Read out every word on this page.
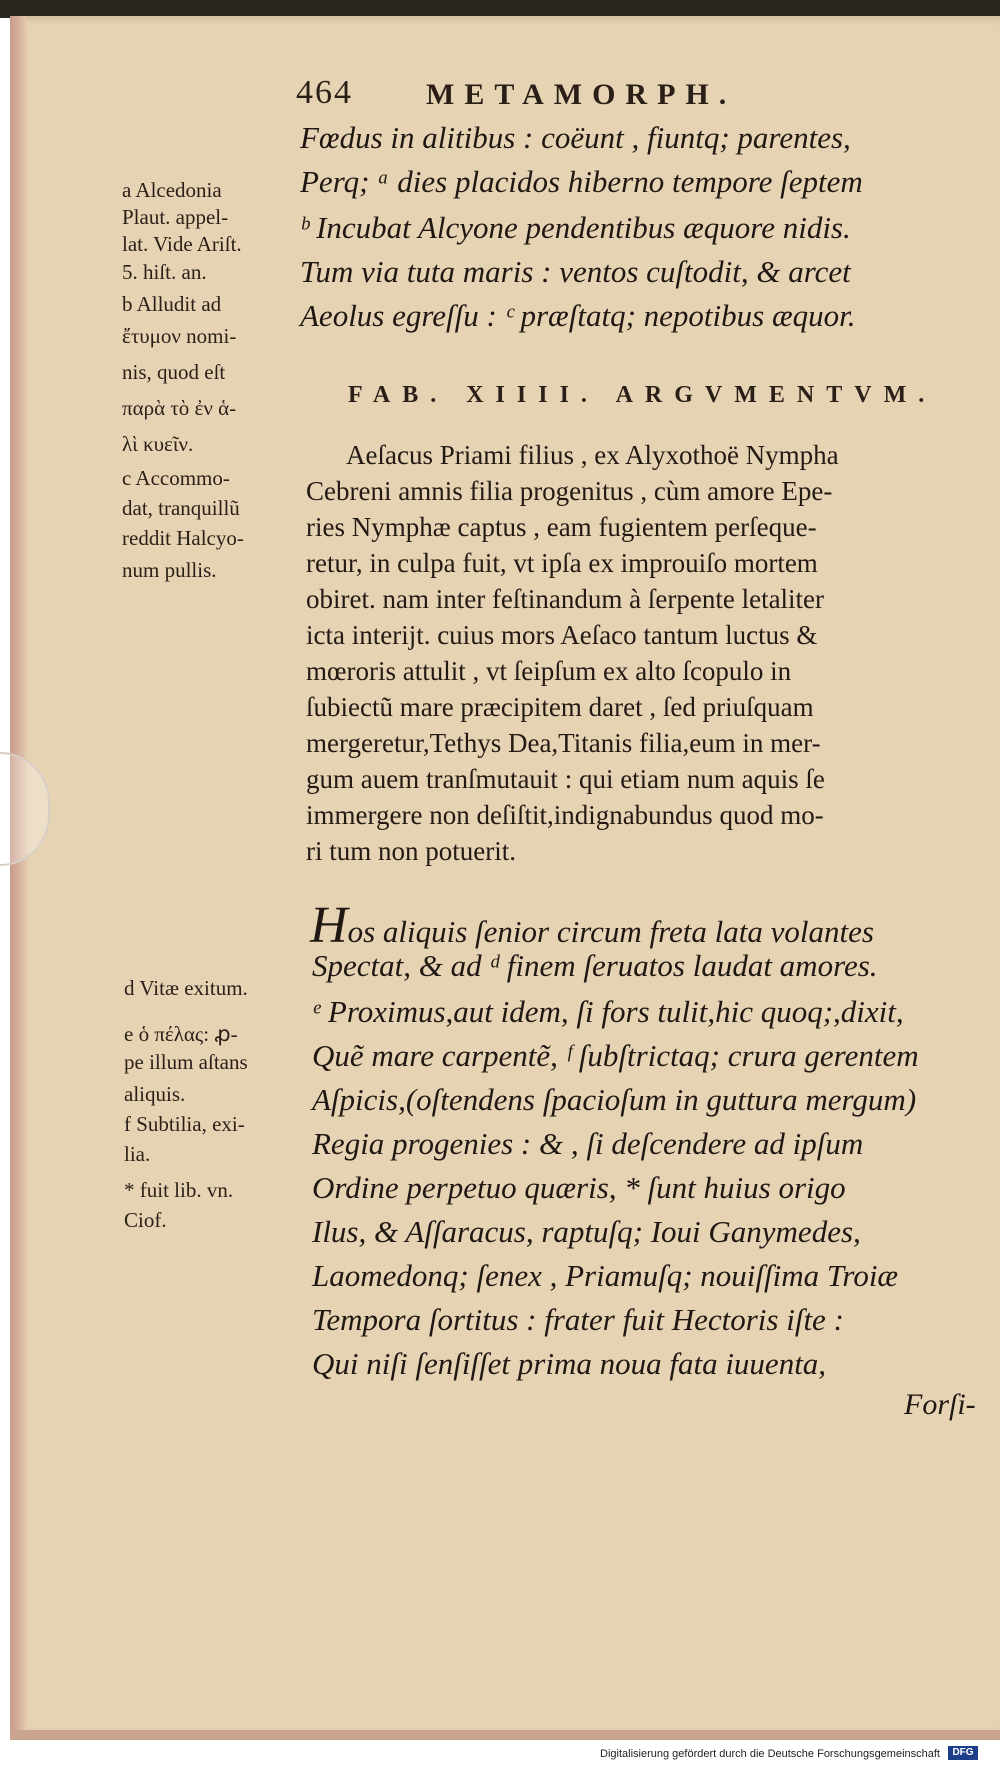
464 METAMORPH.
Fœdus in alitibus : coëunt , fiuntq; parentes,
Perq; ᵃ dies placidos hiberno tempore ſeptem
ᵇ Incubat Alcyone pendentibus æquore nidis.
Tum via tuta maris : ventos cuſtodit, & arcet
Aeolus egreſſu : ᶜ præſtatq; nepotibus æquor.
a Alcedonia
Plaut. appel-
lat. Vide Ariſt.
5. hiſt. an.
b Alludit ad
ἔτυμον nomi-
nis, quod eſt
παρὰ τὸ ἐν ἁ-
λὶ κυεῖν.
c Accommo-
dat, tranquillũ
reddit Halcyo-
num pullis.
FAB. XIIII. ARGVMENTVM.
Aeſacus Priami filius , ex Alyxothoë Nympha
Cebreni amnis filia progenitus , cùm amore Epe-
ries Nymphæ captus , eam fugientem perſeque-
retur, in culpa fuit, vt ipſa ex improuiſo mortem
obiret. nam inter feſtinandum à ſerpente letaliter
icta interijt. cuius mors Aeſaco tantum luctus &
mœroris attulit , vt ſeipſum ex alto ſcopulo in
ſubiectũ mare præcipitem daret , ſed priuſquam
mergeretur,Tethys Dea,Titanis filia,eum in mer-
gum auem tranſmutauit : qui etiam num aquis ſe
immergere non deſiſtit,indignabundus quod mo-
ri tum non potuerit.
Hos aliquis ſenior circum freta lata volantes
Spectat, & ad ᵈ finem ſeruatos laudat amores.
ᵉ Proximus,aut idem, ſi fors tulit,hic quoq;,dixit,
Quẽ mare carpentẽ, ᶠ ſubſtrictaq; crura gerentem
Aſpicis,(oſtendens ſpacioſum in guttura mergum)
Regia progenies : & , ſi deſcendere ad ipſum
Ordine perpetuo quæris, * ſunt huius origo
Ilus, & Aſſaracus, raptuſq; Ioui Ganymedes,
Laomedonq; ſenex , Priamuſq; nouiſſima Troiæ
Tempora ſortitus : frater fuit Hectoris iſte :
Qui niſi ſenſiſſet prima noua fata iuuenta,
Forſi-
d Vitæ exitum.
e ὁ πέλας: ꝓ-
pe illum aſtans
aliquis.
f Subtilia, exi-
lia.
* fuit lib. vn.
Ciof.
Digitalisierung gefördert durch die Deutsche Forschungsgemeinschaft	DFG
